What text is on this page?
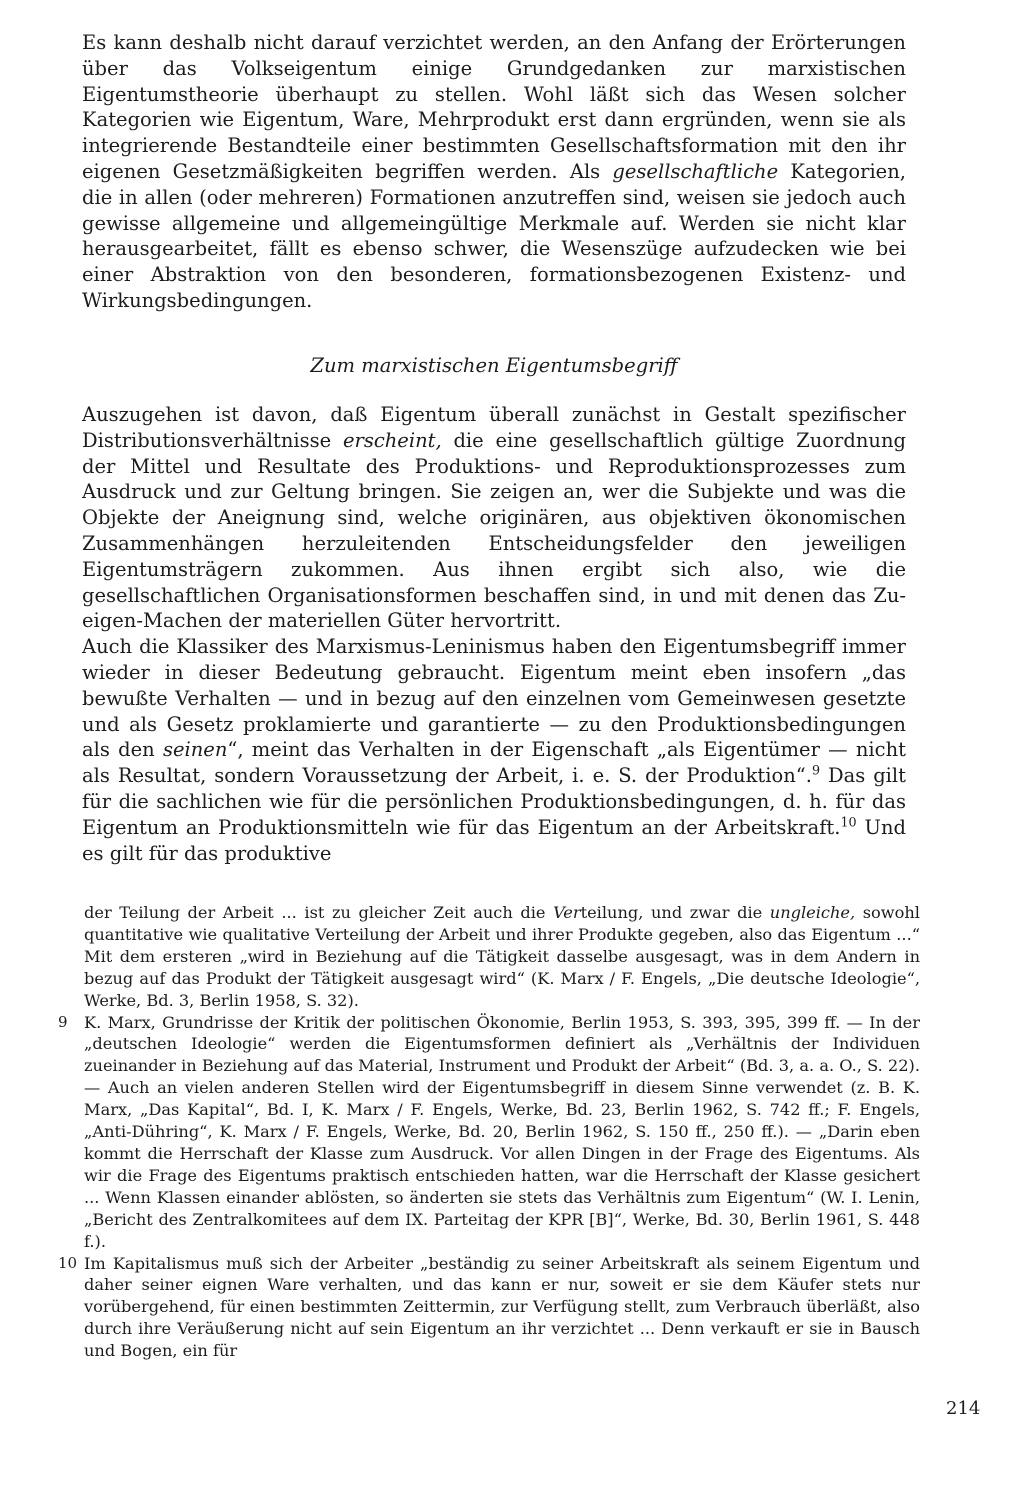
Es kann deshalb nicht darauf verzichtet werden, an den Anfang der Erörterungen über das Volkseigentum einige Grundgedanken zur marxistischen Eigentumstheorie überhaupt zu stellen. Wohl läßt sich das Wesen solcher Kategorien wie Eigentum, Ware, Mehrprodukt erst dann ergründen, wenn sie als integrierende Bestandteile einer bestimmten Gesellschaftsformation mit den ihr eigenen Gesetzmäßigkeiten begriffen werden. Als gesellschaftliche Kategorien, die in allen (oder mehreren) Formationen anzutreffen sind, weisen sie jedoch auch gewisse allgemeine und allgemeingültige Merkmale auf. Werden sie nicht klar herausgearbeitet, fällt es ebenso schwer, die Wesenszüge aufzudecken wie bei einer Abstraktion von den besonderen, formationsbezogenen Existenz- und Wirkungsbedingungen.

Zum marxistischen Eigentumsbegriff

Auszugehen ist davon, daß Eigentum überall zunächst in Gestalt spezifischer Distributionsverhältnisse erscheint, die eine gesellschaftlich gültige Zuordnung der Mittel und Resultate des Produktions- und Reproduktionsprozesses zum Ausdruck und zur Geltung bringen. Sie zeigen an, wer die Subjekte und was die Objekte der Aneignung sind, welche originären, aus objektiven ökonomischen Zusammenhängen herzuleitenden Entscheidungsfelder den jeweiligen Eigentumsträgern zukommen. Aus ihnen ergibt sich also, wie die gesellschaftlichen Organisationsformen beschaffen sind, in und mit denen das Zu-eigen-Machen der materiellen Güter hervortritt.

Auch die Klassiker des Marxismus-Leninismus haben den Eigentumsbegriff immer wieder in dieser Bedeutung gebraucht. Eigentum meint eben insofern „das bewußte Verhalten — und in bezug auf den einzelnen vom Gemeinwesen gesetzte und als Gesetz proklamierte und garantierte — zu den Produktionsbedingungen als den seinen“, meint das Verhalten in der Eigenschaft „als Eigentümer — nicht als Resultat, sondern Voraussetzung der Arbeit, i. e. S. der Produktion“.$^9$ Das gilt für die sachlichen wie für die persönlichen Produktionsbedingungen, d. h. für das Eigentum an Produktionsmitteln wie für das Eigentum an der Arbeitskraft.$^{10}$ Und es gilt für das produktive

der Teilung der Arbeit ... ist zu gleicher Zeit auch die Verteilung, und zwar die ungleiche, sowohl quantitative wie qualitative Verteilung der Arbeit und ihrer Produkte gegeben, also das Eigentum ...“ Mit dem ersteren „wird in Beziehung auf die Tätigkeit dasselbe ausgesagt, was in dem Andern in bezug auf das Produkt der Tätigkeit ausgesagt wird“ (K. Marx / F. Engels, „Die deutsche Ideologie“, Werke, Bd. 3, Berlin 1958, S. 32).

9 K. Marx, Grundrisse der Kritik der politischen Ökonomie, Berlin 1953, S. 393, 395, 399 ff. — In der „deutschen Ideologie“ werden die Eigentumsformen definiert als „Verhältnis der Individuen zueinander in Beziehung auf das Material, Instrument und Produkt der Arbeit“ (Bd. 3, a. a. O., S. 22). — Auch an vielen anderen Stellen wird der Eigentumsbegriff in diesem Sinne verwendet (z. B. K. Marx, „Das Kapital“, Bd. I, K. Marx / F. Engels, Werke, Bd. 23, Berlin 1962, S. 742 ff.; F. Engels, „Anti-Dühring“, K. Marx / F. Engels, Werke, Bd. 20, Berlin 1962, S. 150 ff., 250 ff.). — „Darin eben kommt die Herrschaft der Klasse zum Ausdruck. Vor allen Dingen in der Frage des Eigentums. Als wir die Frage des Eigentums praktisch entschieden hatten, war die Herrschaft der Klasse gesichert ... Wenn Klassen einander ablösten, so änderten sie stets das Verhältnis zum Eigentum“ (W. I. Lenin, „Bericht des Zentralkomitees auf dem IX. Parteitag der KPR [B]“, Werke, Bd. 30, Berlin 1961, S. 448 f.).

10 Im Kapitalismus muß sich der Arbeiter „beständig zu seiner Arbeitskraft als seinem Eigentum und daher seiner eignen Ware verhalten, und das kann er nur, soweit er sie dem Käufer stets nur vorübergehend, für einen bestimmten Zeittermin, zur Verfügung stellt, zum Verbrauch überläßt, also durch ihre Veräußerung nicht auf sein Eigentum an ihr verzichtet ... Denn verkauft er sie in Bausch und Bogen, ein für

214
